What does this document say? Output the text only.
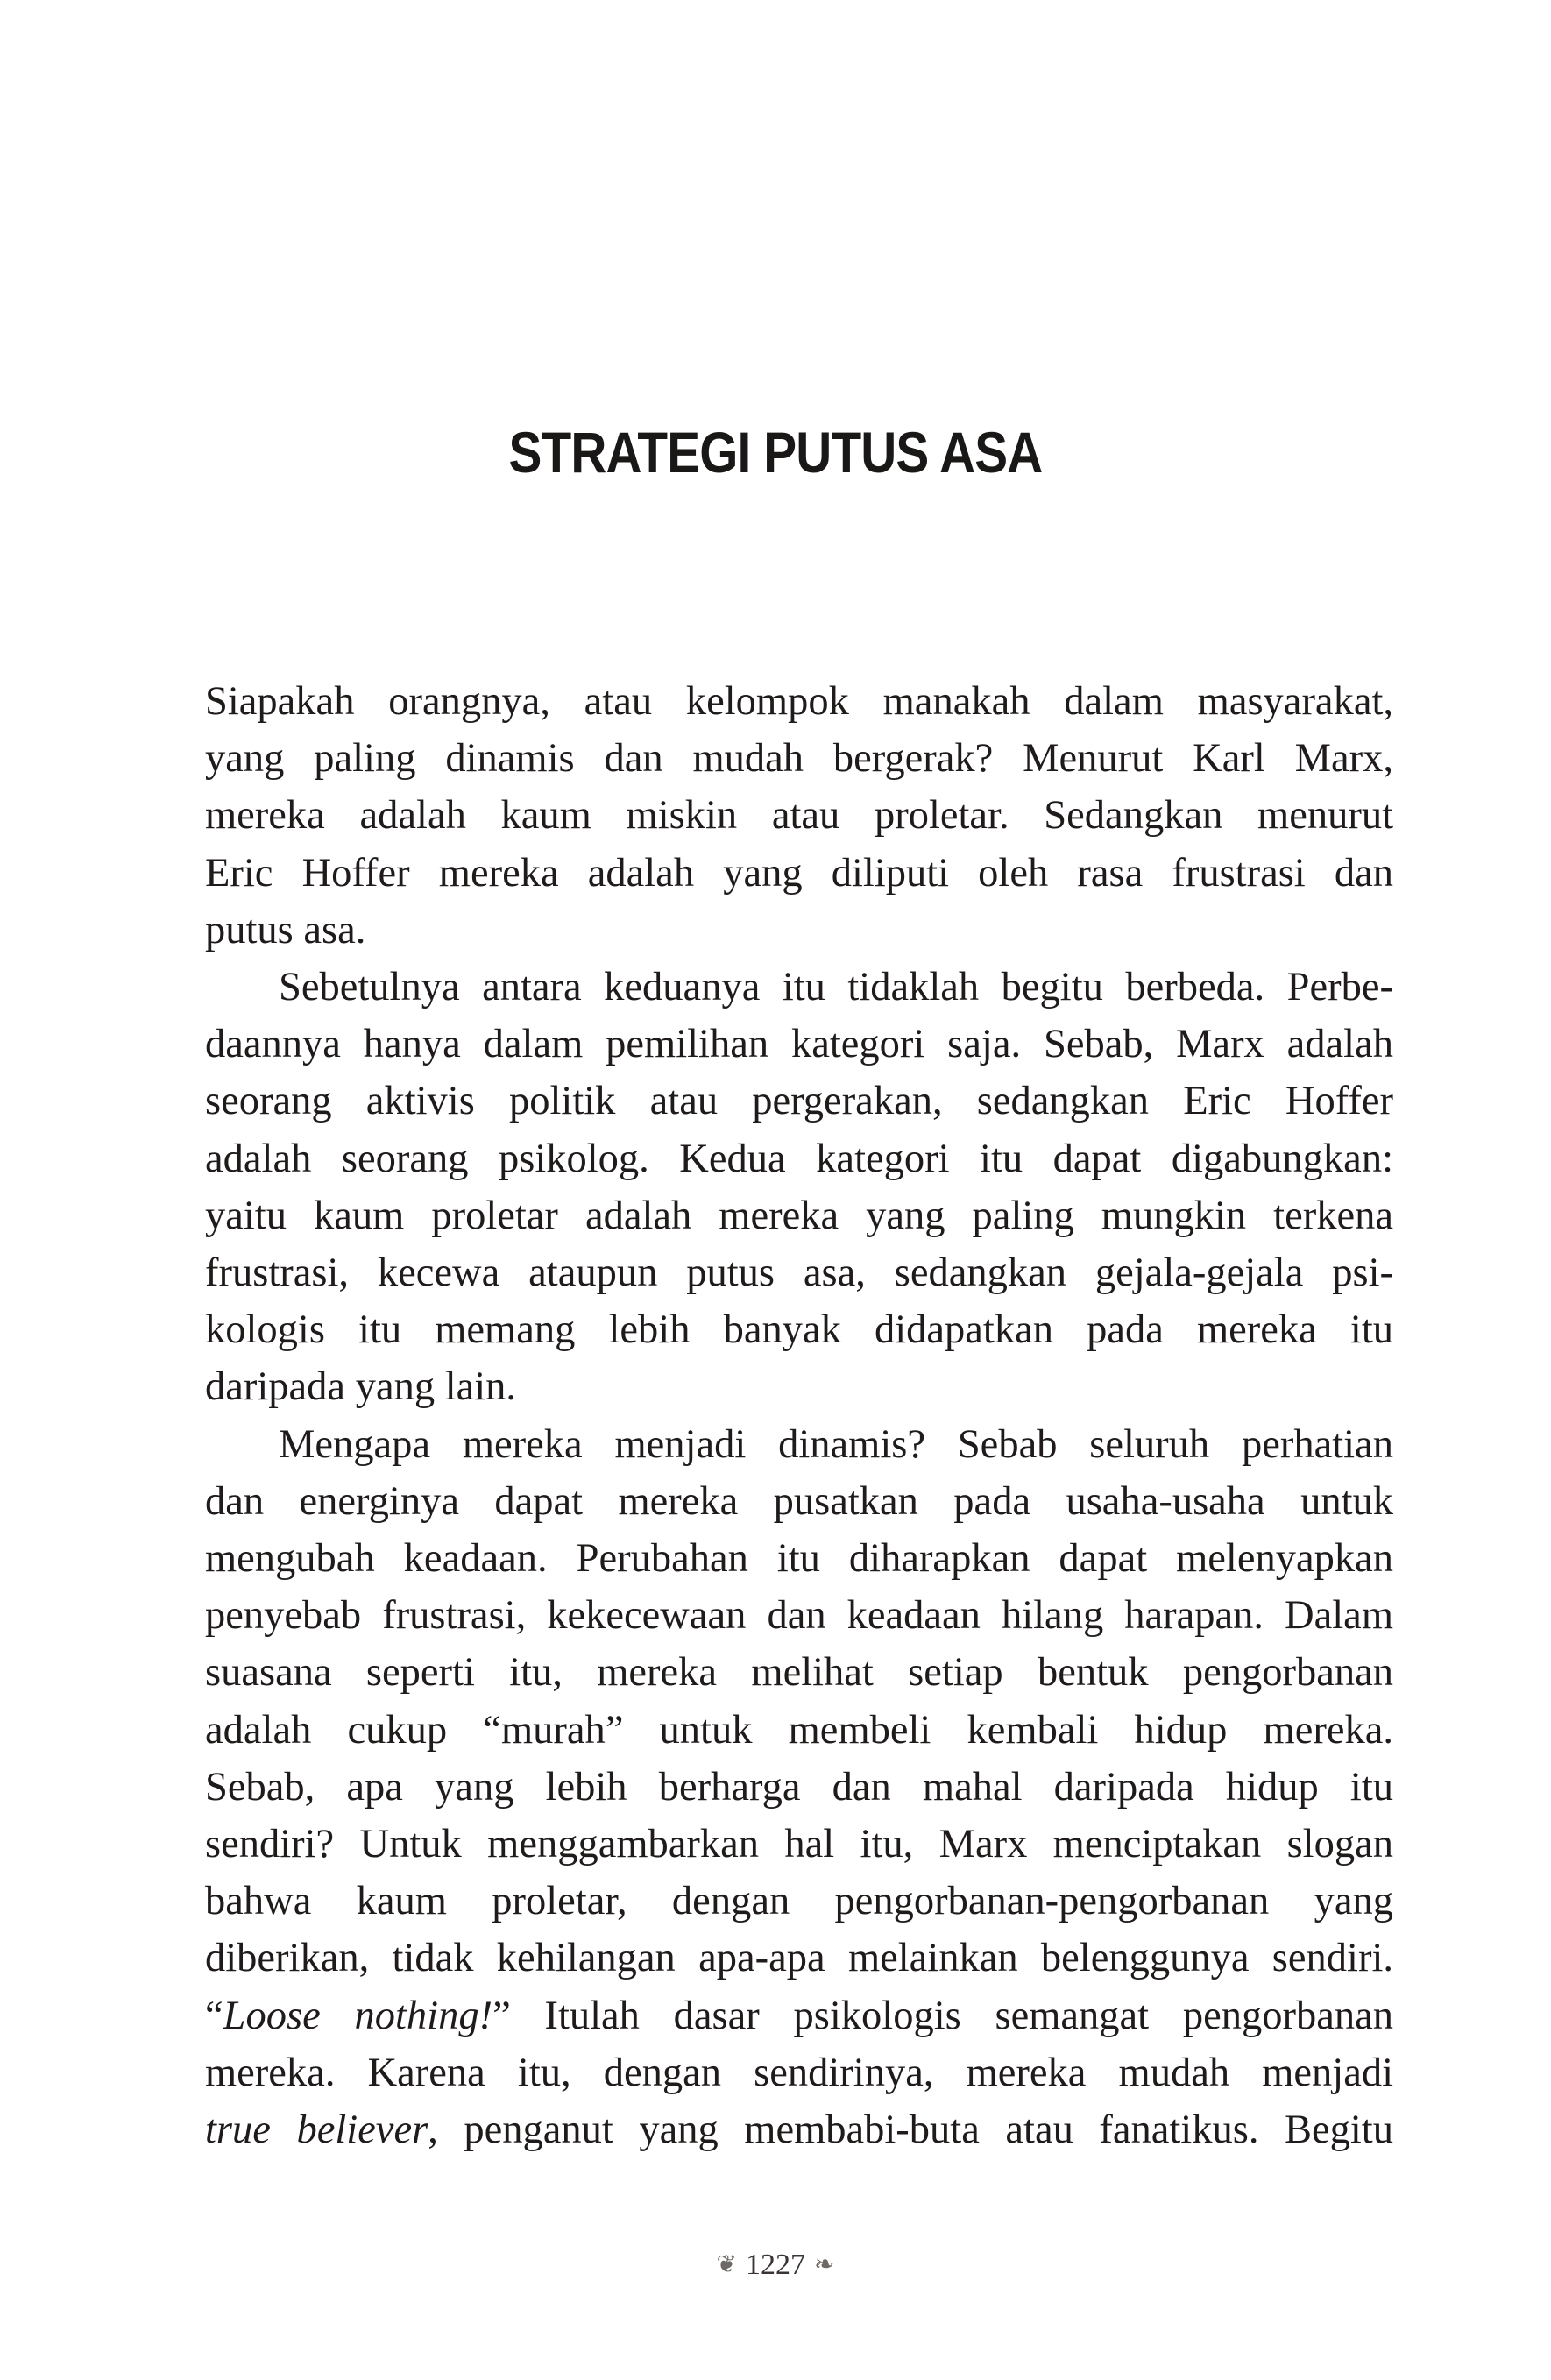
STRATEGI PUTUS ASA
Siapakah orangnya, atau kelompok manakah dalam masyarakat,
yang paling dinamis dan mudah bergerak? Menurut Karl Marx,
mereka adalah kaum miskin atau proletar. Sedangkan menurut
Eric Hoffer mereka adalah yang diliputi oleh rasa frustrasi dan
putus asa.
Sebetulnya antara keduanya itu tidaklah begitu berbeda. Perbe-
daannya hanya dalam pemilihan kategori saja. Sebab, Marx adalah
seorang aktivis politik atau pergerakan, sedangkan Eric Hoffer
adalah seorang psikolog. Kedua kategori itu dapat digabungkan:
yaitu kaum proletar adalah mereka yang paling mungkin terkena
frustrasi, kecewa ataupun putus asa, sedangkan gejala-gejala psi-
kologis itu memang lebih banyak didapatkan pada mereka itu
daripada yang lain.
Mengapa mereka menjadi dinamis? Sebab seluruh perhatian
dan energinya dapat mereka pusatkan pada usaha-usaha untuk
mengubah keadaan. Perubahan itu diharapkan dapat melenyapkan
penyebab frustrasi, kekecewaan dan keadaan hilang harapan. Dalam
suasana seperti itu, mereka melihat setiap bentuk pengorbanan
adalah cukup “murah” untuk membeli kembali hidup mereka.
Sebab, apa yang lebih berharga dan mahal daripada hidup itu
sendiri? Untuk menggambarkan hal itu, Marx menciptakan slogan
bahwa kaum proletar, dengan pengorbanan-pengorbanan yang
diberikan, tidak kehilangan apa-apa melainkan belenggunya sendiri.
“Loose nothing!” Itulah dasar psikologis semangat pengorbanan
mereka. Karena itu, dengan sendirinya, mereka mudah menjadi
true believer, penganut yang membabi-buta atau fanatikus. Begitu
❦ 1227 ❧
